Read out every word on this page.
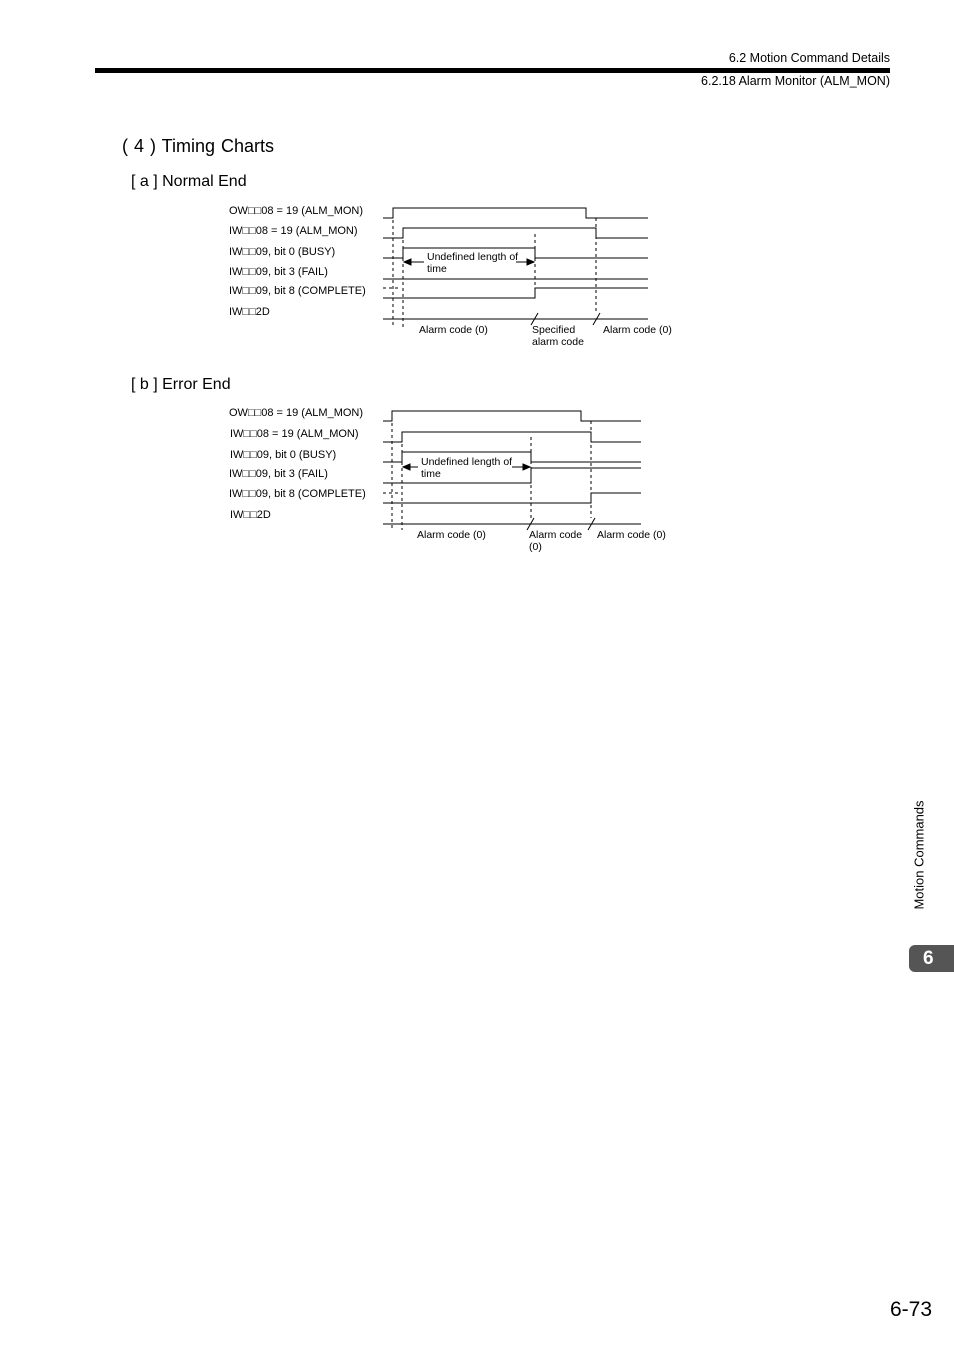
6.2 Motion Command Details
6.2.18 Alarm Monitor (ALM_MON)
( 4 ) Timing Charts
[ a ] Normal End
OW□□08 = 19 (ALM_MON)
IW□□08 = 19 (ALM_MON)
IW□□09, bit 0 (BUSY)
IW□□09, bit 3 (FAIL)
IW□□09, bit 8 (COMPLETE)
IW□□2D
Undefined length of time
Alarm code (0)	Specified alarm code
Alarm code (0)
[ b ] Error End
OW□□08 = 19 (ALM_MON)
IW□□08 = 19 (ALM_MON)
IW□□09, bit 0 (BUSY)
IW□□09, bit 3 (FAIL)
IW□□09, bit 8 (COMPLETE)
IW□□2D
Undefined length of time
Alarm code (0)	Alarm code (0)
Alarm code (0)
Motion Commands
6
6-73
